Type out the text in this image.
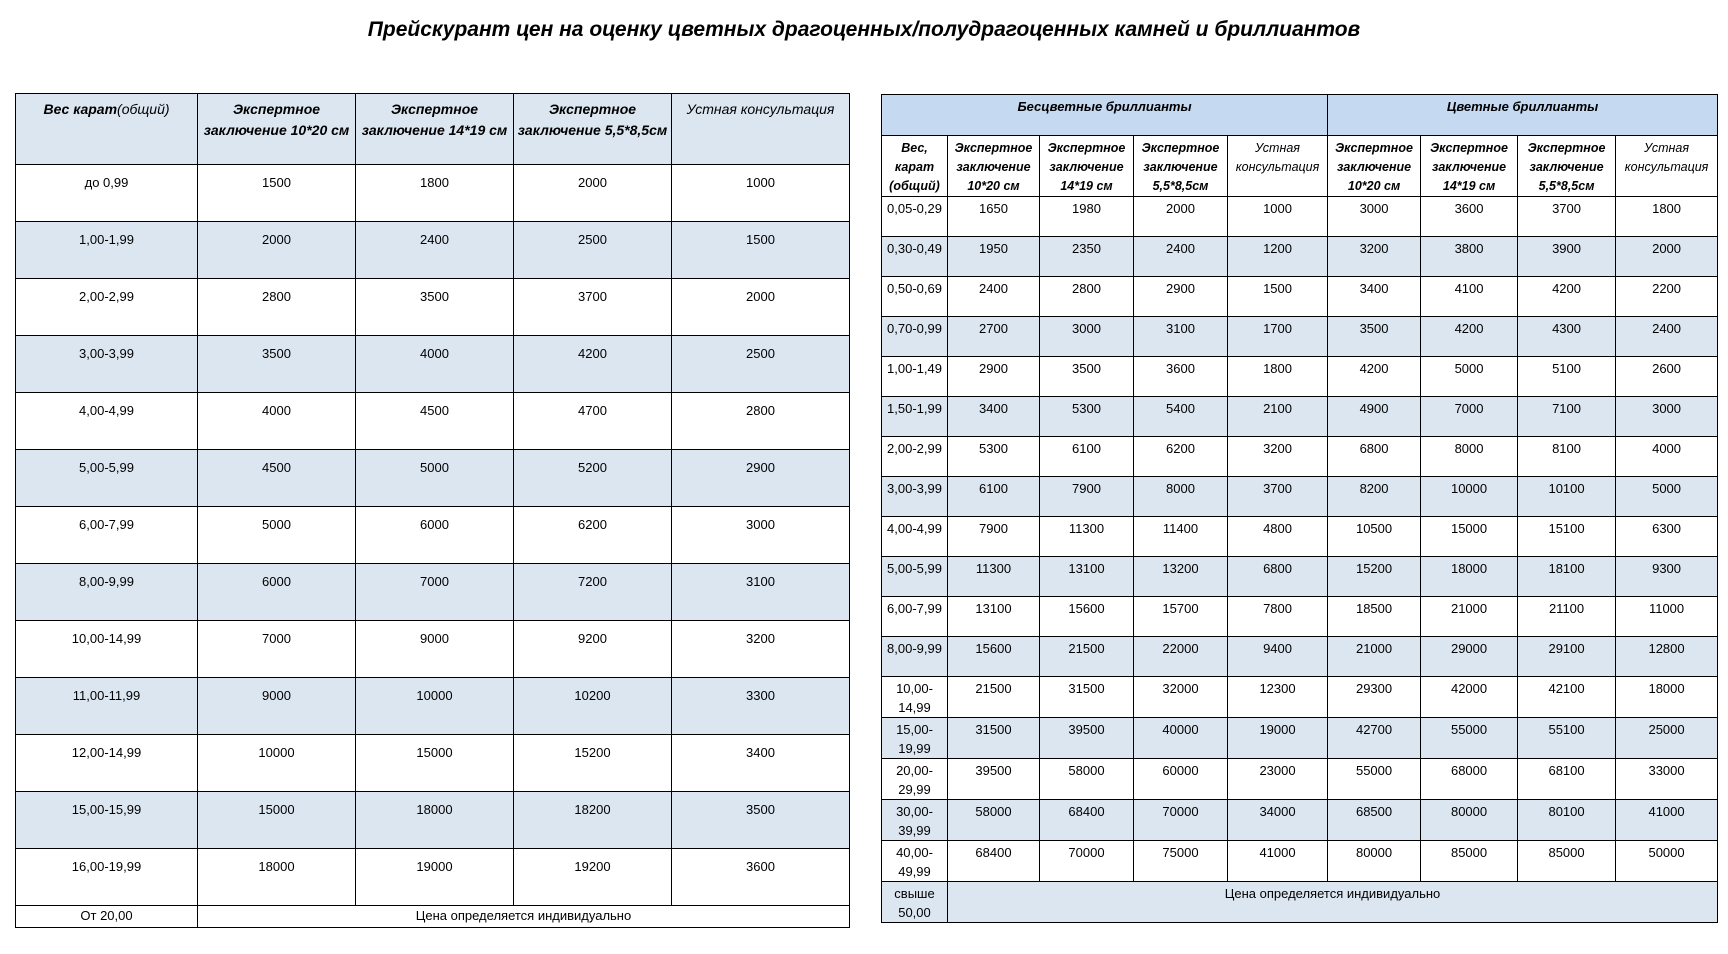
Прейскурант цен на оценку цветных драгоценных/полудрагоценных камней и бриллиантов
Вес карат(общий)	Экспертное заключение 10*20 см	Экспертное заключение 14*19 см	Экспертное заключение 5,5*8,5см	Устная консультация
до 0,99	1500	1800	2000	1000
1,00-1,99	2000	2400	2500	1500
2,00-2,99	2800	3500	3700	2000
3,00-3,99	3500	4000	4200	2500
4,00-4,99	4000	4500	4700	2800
5,00-5,99	4500	5000	5200	2900
6,00-7,99	5000	6000	6200	3000
8,00-9,99	6000	7000	7200	3100
10,00-14,99	7000	9000	9200	3200
11,00-11,99	9000	10000	10200	3300
12,00-14,99	10000	15000	15200	3400
15,00-15,99	15000	18000	18200	3500
16,00-19,99	18000	19000	19200	3600
От 20,00	Цена определяется индивидуально			
Бесцветные бриллианты					Цветные бриллианты			
Вес, карат (общий)	Экспертное заключение 10*20 см	Экспертное заключение 14*19 см	Экспертное заключение 5,5*8,5см	Устная консультация	Экспертное заключение 10*20 см	Экспертное заключение 14*19 см	Экспертное заключение 5,5*8,5см	Устная консультация
0,05-0,29	1650	1980	2000	1000	3000	3600	3700	1800
0,30-0,49	1950	2350	2400	1200	3200	3800	3900	2000
0,50-0,69	2400	2800	2900	1500	3400	4100	4200	2200
0,70-0,99	2700	3000	3100	1700	3500	4200	4300	2400
1,00-1,49	2900	3500	3600	1800	4200	5000	5100	2600
1,50-1,99	3400	5300	5400	2100	4900	7000	7100	3000
2,00-2,99	5300	6100	6200	3200	6800	8000	8100	4000
3,00-3,99	6100	7900	8000	3700	8200	10000	10100	5000
4,00-4,99	7900	11300	11400	4800	10500	15000	15100	6300
5,00-5,99	11300	13100	13200	6800	15200	18000	18100	9300
6,00-7,99	13100	15600	15700	7800	18500	21000	21100	11000
8,00-9,99	15600	21500	22000	9400	21000	29000	29100	12800
10,00-14,99	21500	31500	32000	12300	29300	42000	42100	18000
15,00-19,99	31500	39500	40000	19000	42700	55000	55100	25000
20,00-29,99	39500	58000	60000	23000	55000	68000	68100	33000
30,00-39,99	58000	68400	70000	34000	68500	80000	80100	41000
40,00-49,99	68400	70000	75000	41000	80000	85000	85000	50000
свыше 50,00	Цена определяется индивидуально							
